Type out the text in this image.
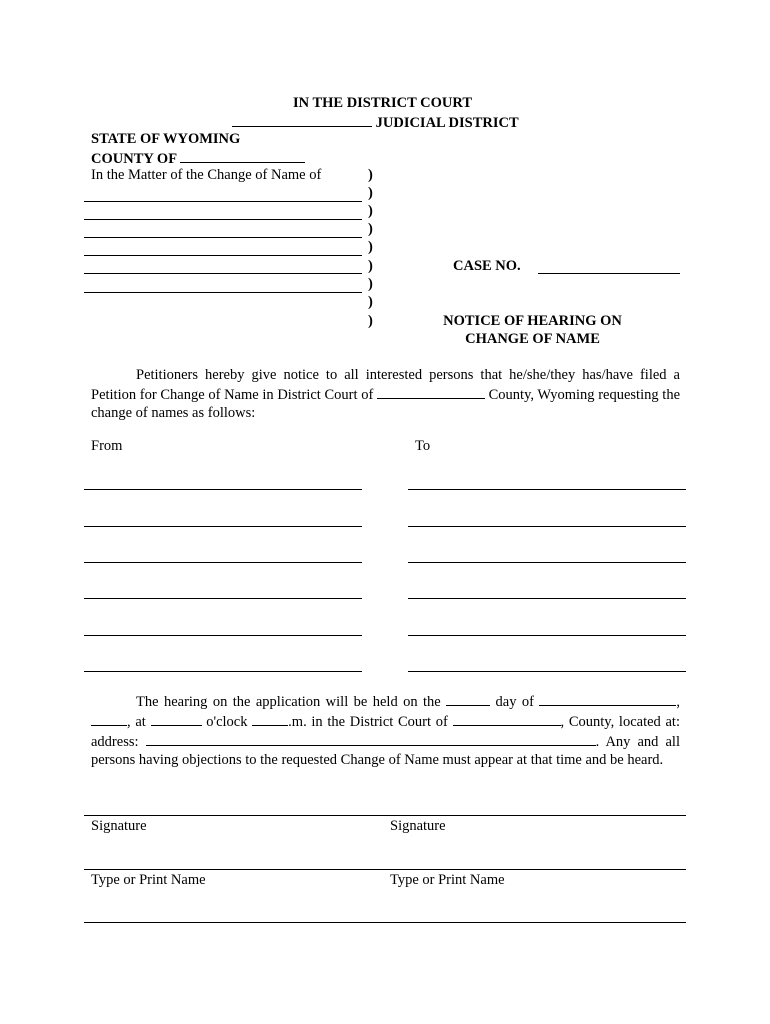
IN THE DISTRICT COURT
JUDICIAL DISTRICT
STATE OF WYOMING
COUNTY OF
In the Matter of the Change of Name of	)
)
)
)
)
)
)
)
)
CASE NO.
NOTICE OF HEARING ON
CHANGE OF NAME
Petitioners hereby give notice to all interested persons that he/she/they has/have filed a Petition for Change of Name in District Court of	County, Wyoming requesting the change of names as follows:
From	To
The hearing on the application will be held on the	day of	, , at	o'clock	.m. in the District Court of	, County, located at: address:	. Any and all persons having objections to the requested Change of Name must appear at that time and be heard.
Signature	Signature
Type or Print Name	Type or Print Name
